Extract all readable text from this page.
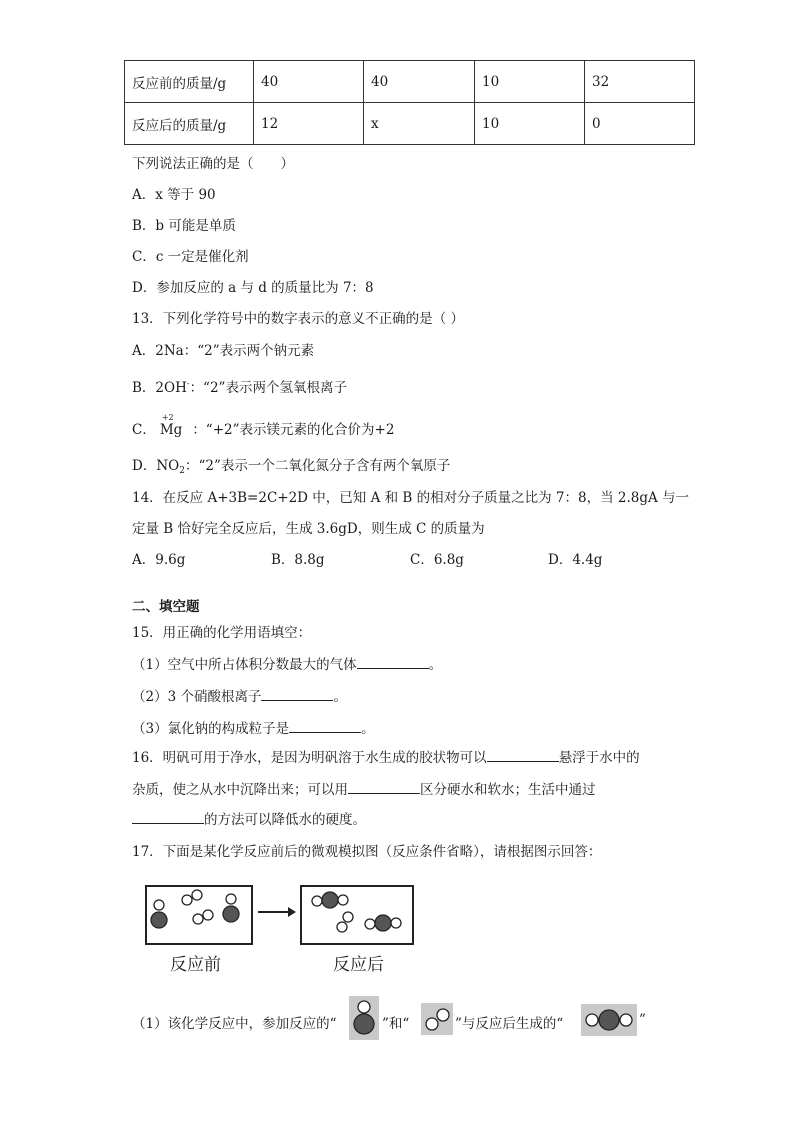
反应前的质量/g	40	40	10	32
反应后的质量/g	12	x	10	0
下列说法正确的是（　　）
A．x 等于 90
B．b 可能是单质
C．c 一定是催化剂
D．参加反应的 a 与 d 的质量比为 7：8
13．下列化学符号中的数字表示的意义不正确的是（ ）
A．2Na：“2”表示两个钠元素
B．2OH-：“2”表示两个氢氧根离子
C．
+2
Mg ：“+2”表示镁元素的化合价为+2
D．$NO_2$：“2”表示一个二氧化氮分子含有两个氧原子
14．在反应 A+3B=2C+2D 中，已知 A 和 B 的相对分子质量之比为 7：8，当 2.8gA 与一
定量 B 恰好完全反应后，生成 3.6gD，则生成 C 的质量为
A．9.6g	B．8.8g	C．6.8g	D．4.4g
二、填空题
15．用正确的化学用语填空：
（1）空气中所占体积分数最大的气体	。
（2）3 个硝酸根离子	。
（3）氯化钠的构成粒子是	。
16．明矾可用于净水，是因为明矾溶于水生成的胶状物可以	悬浮于水中的
杂质，使之从水中沉降出来；可以用	区分硬水和软水；生活中通过
的方法可以降低水的硬度。
17．下面是某化学反应前后的微观模拟图（反应条件省略），请根据图示回答：
反应前	反应后
（1）该化学反应中，参加反应的“	”和“	”与反应后生成的“	”
